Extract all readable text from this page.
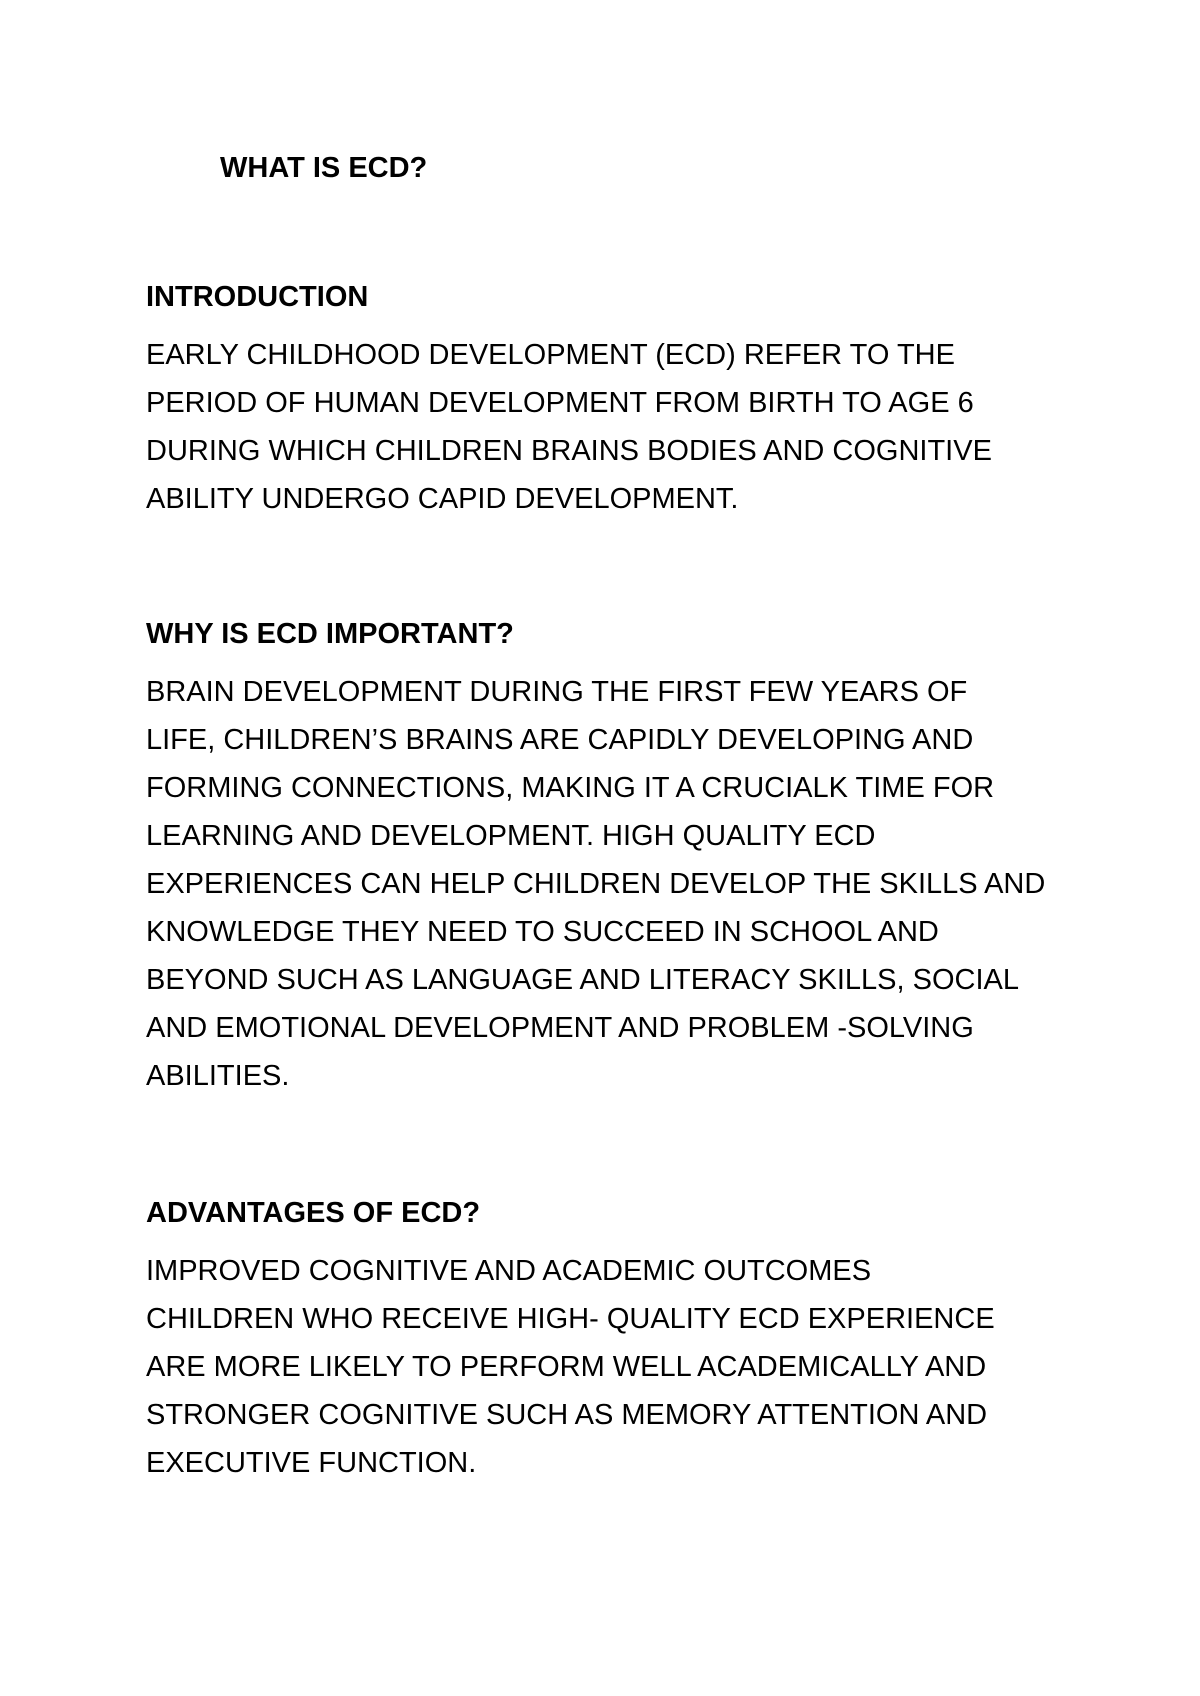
WHAT IS ECD?
INTRODUCTION

EARLY CHILDHOOD DEVELOPMENT (ECD) REFER TO THE
PERIOD OF HUMAN DEVELOPMENT FROM BIRTH TO AGE 6
DURING WHICH CHILDREN BRAINS BODIES AND COGNITIVE
ABILITY UNDERGO CAPID DEVELOPMENT.

WHY IS ECD IMPORTANT?

BRAIN DEVELOPMENT DURING THE FIRST FEW YEARS OF
LIFE, CHILDREN’S BRAINS ARE CAPIDLY DEVELOPING AND
FORMING CONNECTIONS, MAKING IT A CRUCIALK TIME FOR
LEARNING AND DEVELOPMENT. HIGH QUALITY ECD
EXPERIENCES CAN HELP CHILDREN DEVELOP THE SKILLS AND
KNOWLEDGE THEY NEED TO SUCCEED IN SCHOOL AND
BEYOND SUCH AS LANGUAGE AND LITERACY SKILLS, SOCIAL
AND EMOTIONAL DEVELOPMENT AND PROBLEM -SOLVING
ABILITIES.

ADVANTAGES OF ECD?

IMPROVED COGNITIVE AND ACADEMIC OUTCOMES
CHILDREN WHO RECEIVE HIGH- QUALITY ECD EXPERIENCE
ARE MORE LIKELY TO PERFORM WELL ACADEMICALLY AND
STRONGER COGNITIVE SUCH AS MEMORY ATTENTION AND
EXECUTIVE FUNCTION.
